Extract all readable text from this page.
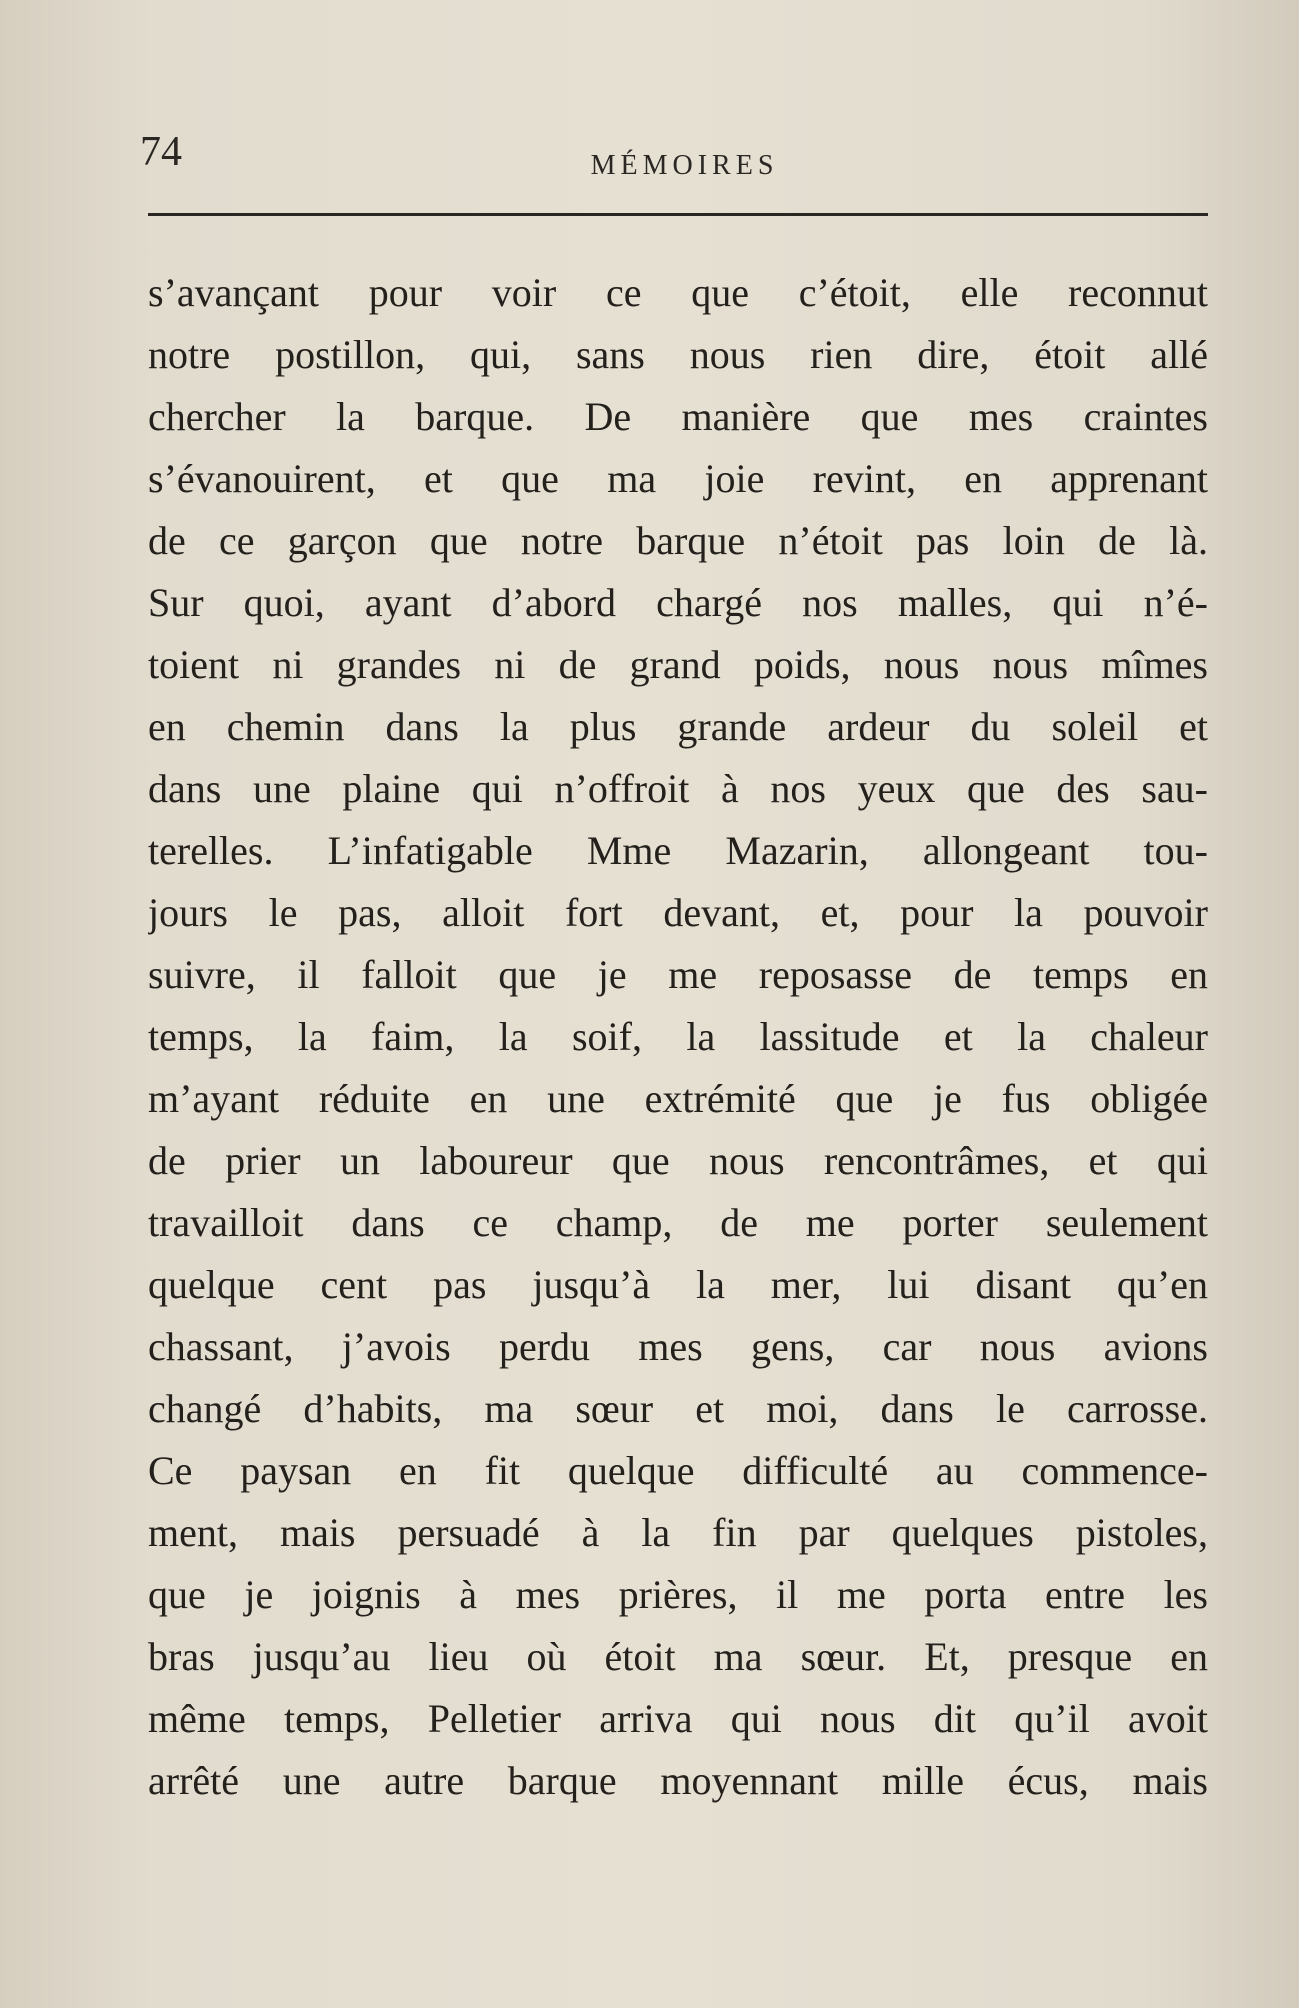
74	MÉMOIRES
s’avançant pour voir ce que c’étoit, elle reconnut
notre postillon, qui, sans nous rien dire, étoit allé
chercher la barque. De manière que mes craintes
s’évanouirent, et que ma joie revint, en apprenant
de ce garçon que notre barque n’étoit pas loin de là.
Sur quoi, ayant d’abord chargé nos malles, qui n’é-
toient ni grandes ni de grand poids, nous nous mîmes
en chemin dans la plus grande ardeur du soleil et
dans une plaine qui n’offroit à nos yeux que des sau-
terelles. L’infatigable Mme Mazarin, allongeant tou-
jours le pas, alloit fort devant, et, pour la pouvoir
suivre, il falloit que je me reposasse de temps en
temps, la faim, la soif, la lassitude et la chaleur
m’ayant réduite en une extrémité que je fus obligée
de prier un laboureur que nous rencontrâmes, et qui
travailloit dans ce champ, de me porter seulement
quelque cent pas jusqu’à la mer, lui disant qu’en
chassant, j’avois perdu mes gens, car nous avions
changé d’habits, ma sœur et moi, dans le carrosse.
Ce paysan en fit quelque difficulté au commence-
ment, mais persuadé à la fin par quelques pistoles,
que je joignis à mes prières, il me porta entre les
bras jusqu’au lieu où étoit ma sœur. Et, presque en
même temps, Pelletier arriva qui nous dit qu’il avoit
arrêté une autre barque moyennant mille écus, mais
